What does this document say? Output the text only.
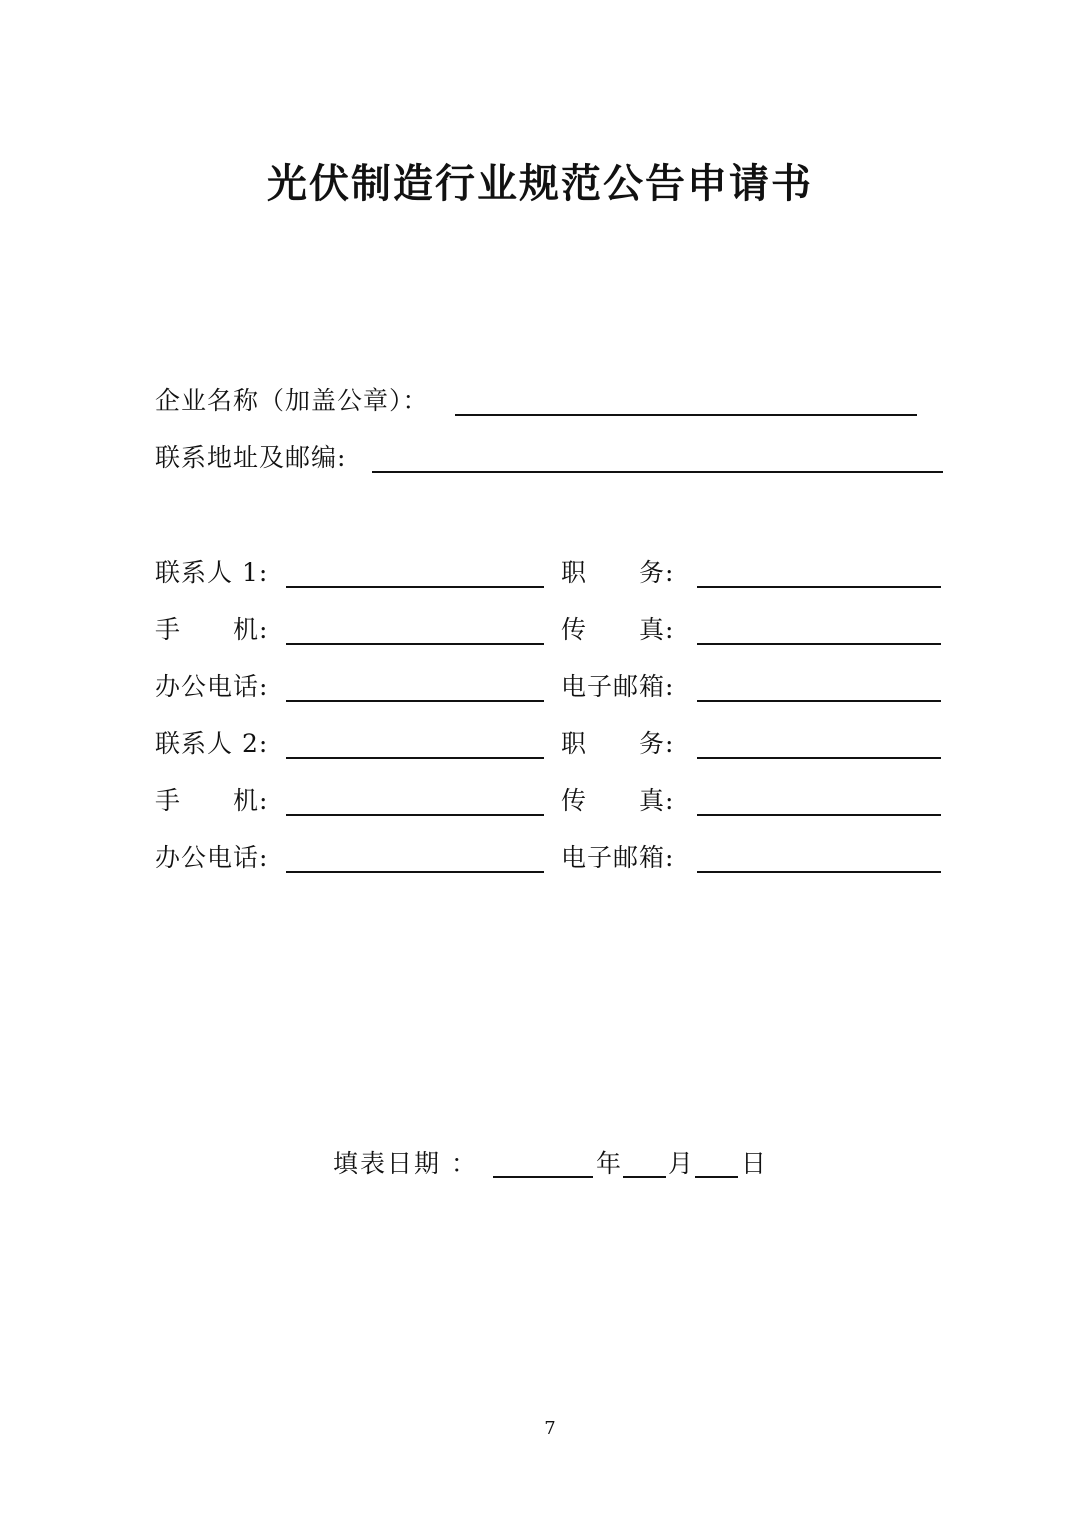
光伏制造行业规范公告申请书
企业名称（加盖公章）：
联系地址及邮编:
联系人 1:	职　　务:
手　　机:	传　　真:
办公电话:	电子邮箱:
联系人 2:	职　　务:
手　　机:	传　　真:
办公电话:	电子邮箱:
填表日期 ：	年 月 日
7
